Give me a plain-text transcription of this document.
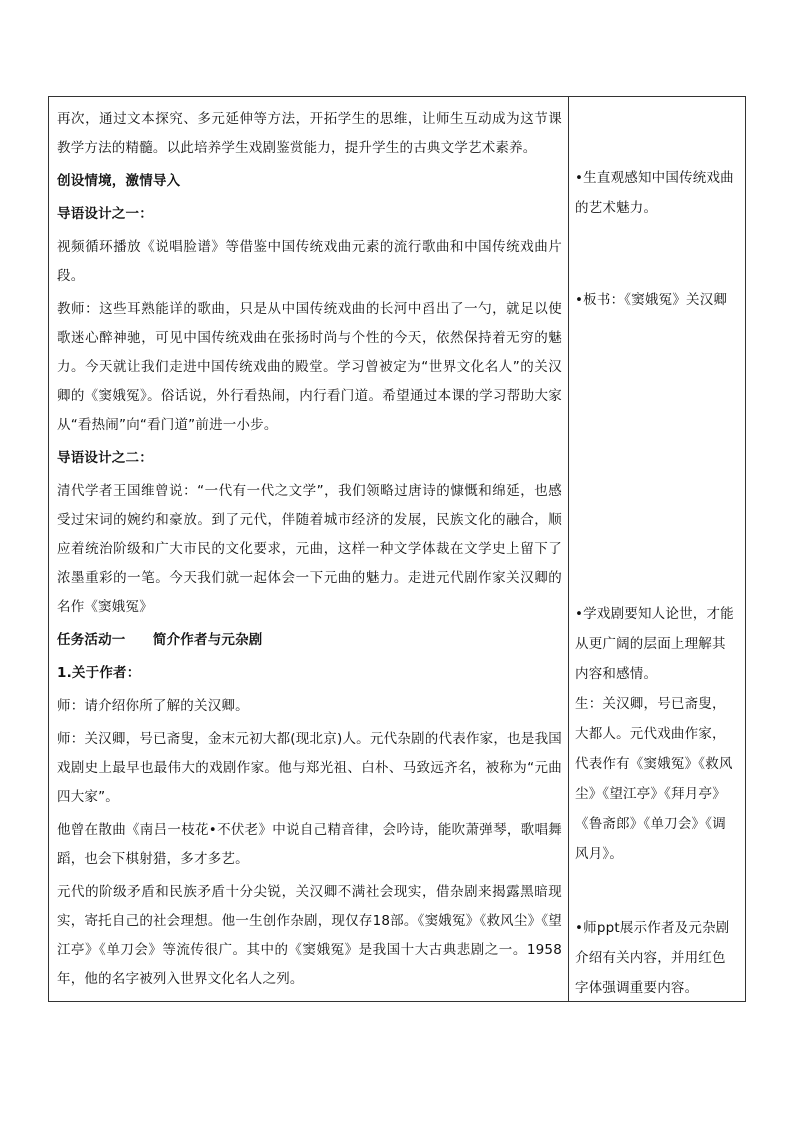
再次，通过文本探究、多元延伸等方法，开拓学生的思维，让师生互动成为这节课教学方法的精髓。以此培养学生戏剧鉴赏能力，提升学生的古典文学艺术素养。

创设情境，激情导入

导语设计之一：

视频循环播放《说唱脸谱》等借鉴中国传统戏曲元素的流行歌曲和中国传统戏曲片段。

教师：这些耳熟能详的歌曲，只是从中国传统戏曲的长河中舀出了一勺，就足以使歌迷心醉神驰，可见中国传统戏曲在张扬时尚与个性的今天，依然保持着无穷的魅力。今天就让我们走进中国传统戏曲的殿堂。学习曾被定为“世界文化名人”的关汉卿的《窦娥冤》。俗话说，外行看热闹，内行看门道。希望通过本课的学习帮助大家从“看热闹”向“看门道”前进一小步。

导语设计之二：

清代学者王国维曾说：“一代有一代之文学”，我们领略过唐诗的慷慨和绵延，也感受过宋词的婉约和豪放。到了元代，伴随着城市经济的发展，民族文化的融合，顺应着统治阶级和广大市民的文化要求，元曲，这样一种文学体裁在文学史上留下了浓墨重彩的一笔。今天我们就一起体会一下元曲的魅力。走进元代剧作家关汉卿的名作《窦娥冤》

任务活动一　　简介作者与元杂剧

1.关于作者：

师：请介绍你所了解的关汉卿。

师：关汉卿，号已斋叟，金末元初大都(现北京)人。元代杂剧的代表作家，也是我国戏剧史上最早也最伟大的戏剧作家。他与郑光祖、白朴、马致远齐名，被称为“元曲四大家”。

他曾在散曲《南吕一枝花•不伏老》中说自己精音律，会吟诗，能吹萧弹琴，歌唱舞蹈，也会下棋射猎，多才多艺。

元代的阶级矛盾和民族矛盾十分尖锐，关汉卿不满社会现实，借杂剧来揭露黑暗现实，寄托自己的社会理想。他一生创作杂剧，现仅存18部。《窦娥冤》《救风尘》《望江亭》《单刀会》等流传很广。其中的《窦娥冤》是我国十大古典悲剧之一。1958年，他的名字被列入世界文化名人之列。

•生直观感知中国传统戏曲的艺术魅力。

•板书：《窦娥冤》关汉卿

•学戏剧要知人论世，才能从更广阔的层面上理解其内容和感情。

生：关汉卿，号已斋叟，大都人。元代戏曲作家，代表作有《窦娥冤》《救风尘》《望江亭》《拜月亭》《鲁斋郎》《单刀会》《调风月》。

•师ppt展示作者及元杂剧介绍有关内容，并用红色字体强调重要内容。
